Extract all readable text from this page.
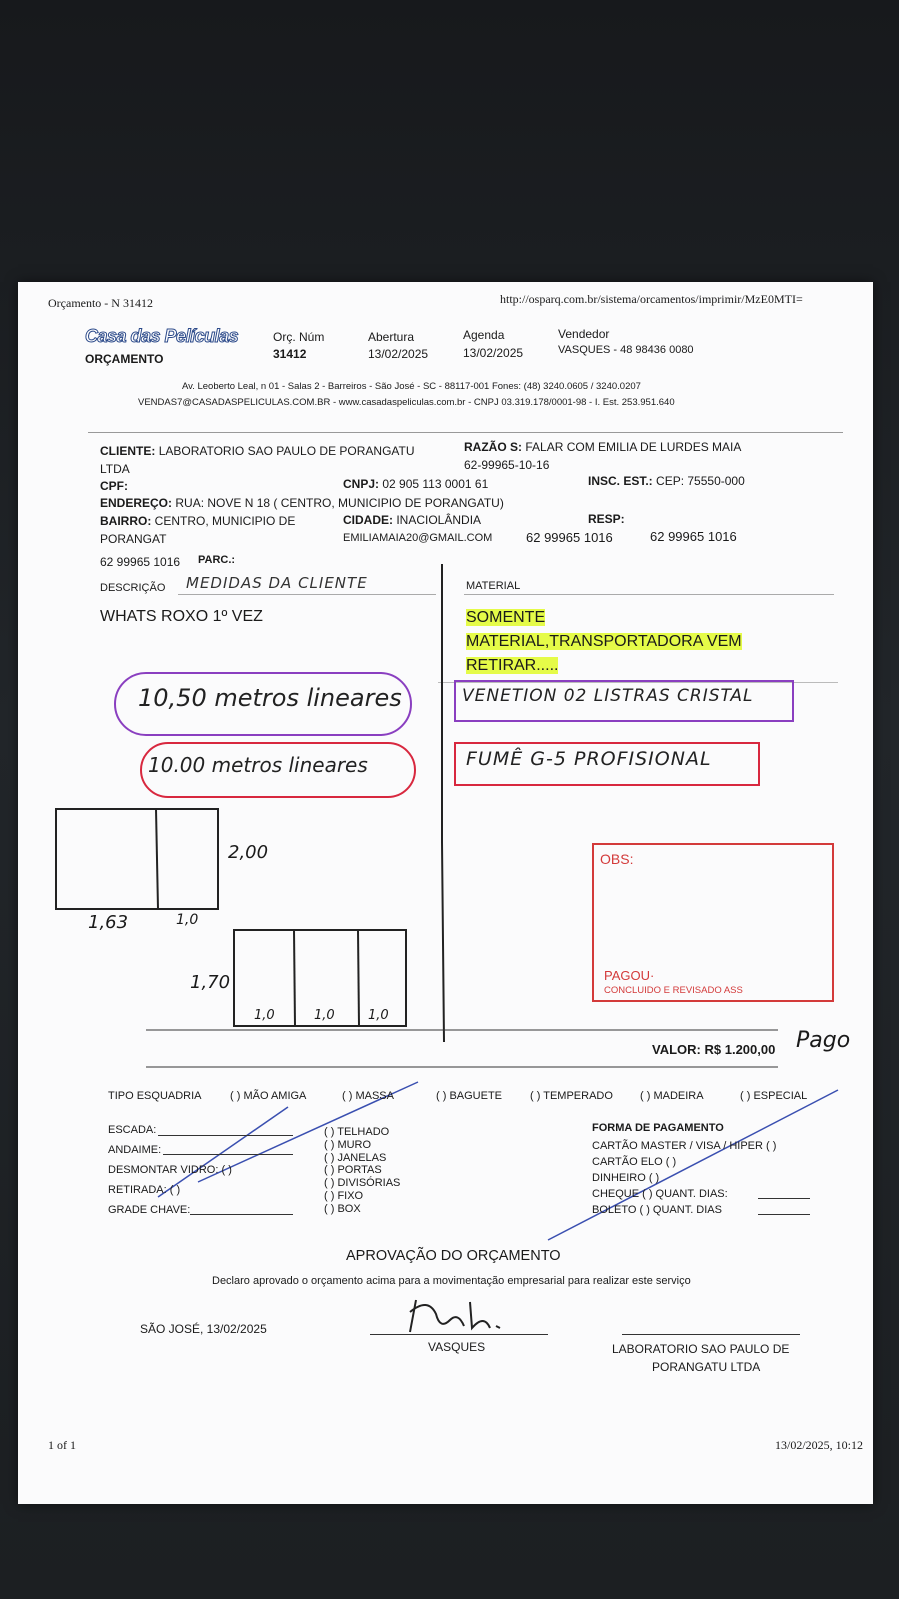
Orçamento - N 31412	http://osparq.com.br/sistema/orcamentos/imprimir/MzE0MTI=
Casa das Películas
ORÇAMENTO
Orç. Núm
31412
Abertura
13/02/2025
Agenda
13/02/2025
Vendedor
VASQUES - 48 98436 0080
Av. Leoberto Leal, n 01 - Salas 2 - Barreiros - São José - SC - 88117-001 Fones: (48) 3240.0605 / 3240.0207
VENDAS7@CASADASPELICULAS.COM.BR - www.casadaspeliculas.com.br - CNPJ 03.319.178/0001-98 - I. Est. 253.951.640
CLIENTE: LABORATORIO SAO PAULO DE PORANGATU
LTDA
RAZÃO S: FALAR COM EMILIA DE LURDES MAIA
62-99965-10-16
CPF:	CNPJ: 02 905 113 0001 61	INSC. EST.: CEP: 75550-000
ENDEREÇO: RUA: NOVE N 18 ( CENTRO, MUNICIPIO DE PORANGATU)
BAIRRO: CENTRO, MUNICIPIO DE
PORANGAT
CIDADE: INACIOLÂNDIA
EMILIAMAIA20@GMAIL.COM
RESP:
62 99965 1016	62 99965 1016
62 99965 1016 PARC.:
DESCRIÇÃO MEDIDAS DA CLIENTE
WHATS ROXO 1º VEZ
MATERIAL
SOMENTE
MATERIAL,TRANSPORTADORA VEM
RETIRAR.....
10,50 metros lineares
10.00 metros lineares
VENETION 02 LISTRAS CRISTAL
FUMÊ G-5 PROFISIONAL
2,00
1,63	1,0
1,70
1,0	1,0	1,0
OBS:
PAGOU·
CONCLUIDO E REVISADO ASS
VALOR: R$ 1.200,00 Pago
TIPO ESQUADRIA	( ) MÃO AMIGA	( ) MASSA	( ) BAGUETE	( ) TEMPERADO ( ) MADEIRA	( ) ESPECIAL
ESCADA:
ANDAIME:
DESMONTAR VIDRO: ( )
RETIRADA: ( )
GRADE CHAVE:
( ) TELHADO
( ) MURO
( ) JANELAS
( ) PORTAS
( ) DIVISÓRIAS
( ) FIXO
( ) BOX
FORMA DE PAGAMENTO
CARTÃO MASTER / VISA / HIPER ( )
CARTÃO ELO ( )
DINHEIRO ( )
CHEQUE ( ) QUANT. DIAS:
BOLETO ( ) QUANT. DIAS
APROVAÇÃO DO ORÇAMENTO
Declaro aprovado o orçamento acima para a movimentação empresarial para realizar este serviço
SÃO JOSÉ, 13/02/2025
VASQUES	LABORATORIO SAO PAULO DE
PORANGATU LTDA
1 of 1	13/02/2025, 10:12
